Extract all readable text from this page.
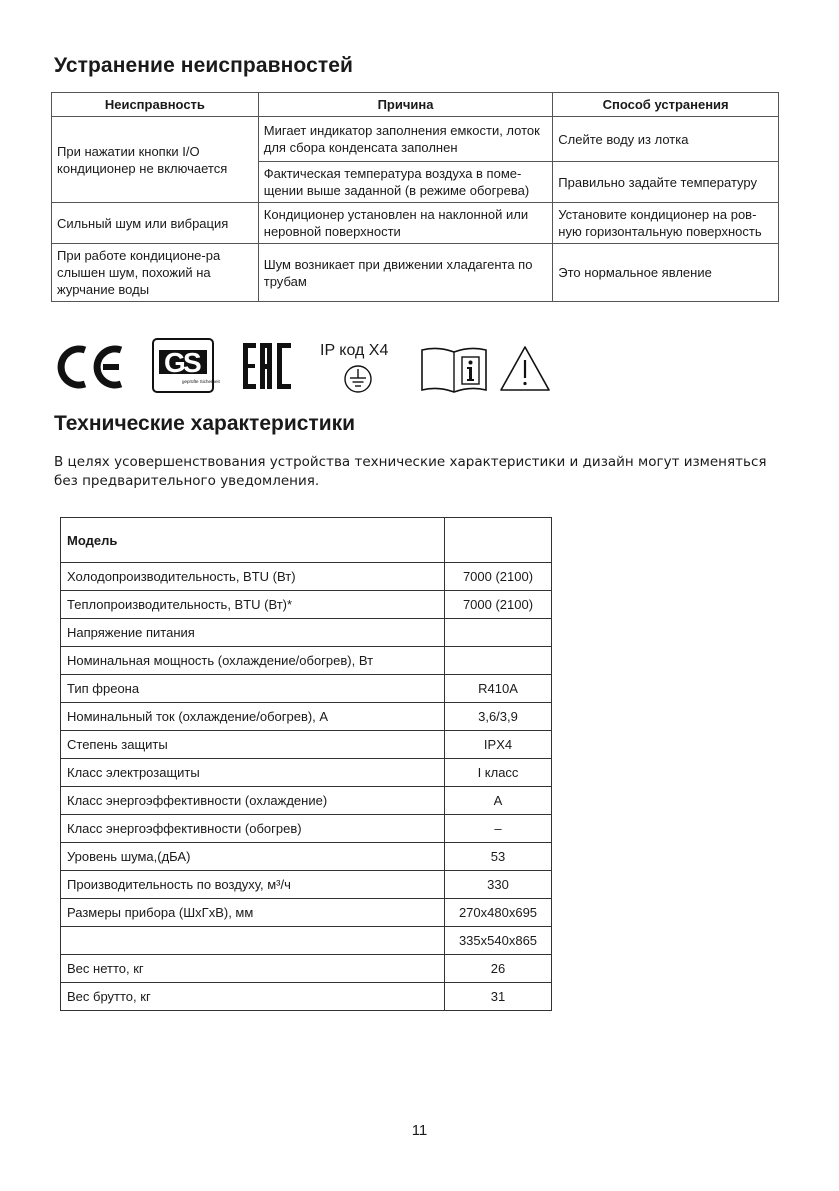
Устранение неисправностей
Неисправность	Причина	Способ устранения
При нажатии кнопки I/O кондиционер не включается	Мигает индикатор заполнения емкости, лоток для сбора конденсата заполнен	Слейте воду из лотка
	Фактическая температура воздуха в поме-щении выше заданной (в режиме обогрева)	Правильно задайте температуру
Сильный шум или вибрация	Кондиционер установлен на наклонной или неровной поверхности	Установите кондиционер на ров-ную горизонтальную поверхность
При работе кондиционе-ра слышен шум, похожий на журчание воды	Шум возникает при движении хладагента по трубам	Это нормальное явление
G
S
geprüfte Sicherheit
IP код X4
Технические характеристики

В целях усовершенствования устройства технические характеристики и дизайн могут изменяться без предварительного уведомления.

Модель	
Холодопроизводительность, BTU (Вт)	7000 (2100)
Теплопроизводительность, BTU (Вт)*	7000 (2100)
Напряжение питания	
Номинальная мощность (охлаждение/обогрев), Вт	
Тип фреона	R410A
Номинальный ток (охлаждение/обогрев), А	3,6/3,9
Степень защиты	IPX4
Класс электрозащиты	I класс
Класс энергоэффективности (охлаждение)	A
Класс энергоэффективности (обогрев)	–
Уровень шума,(дБА)	53
Производительность по воздуху, м³/ч	330
Размеры прибора (ШхГхВ), мм	270x480x695
	335x540x865
Вес нетто, кг	26
Вес брутто, кг	31
11
